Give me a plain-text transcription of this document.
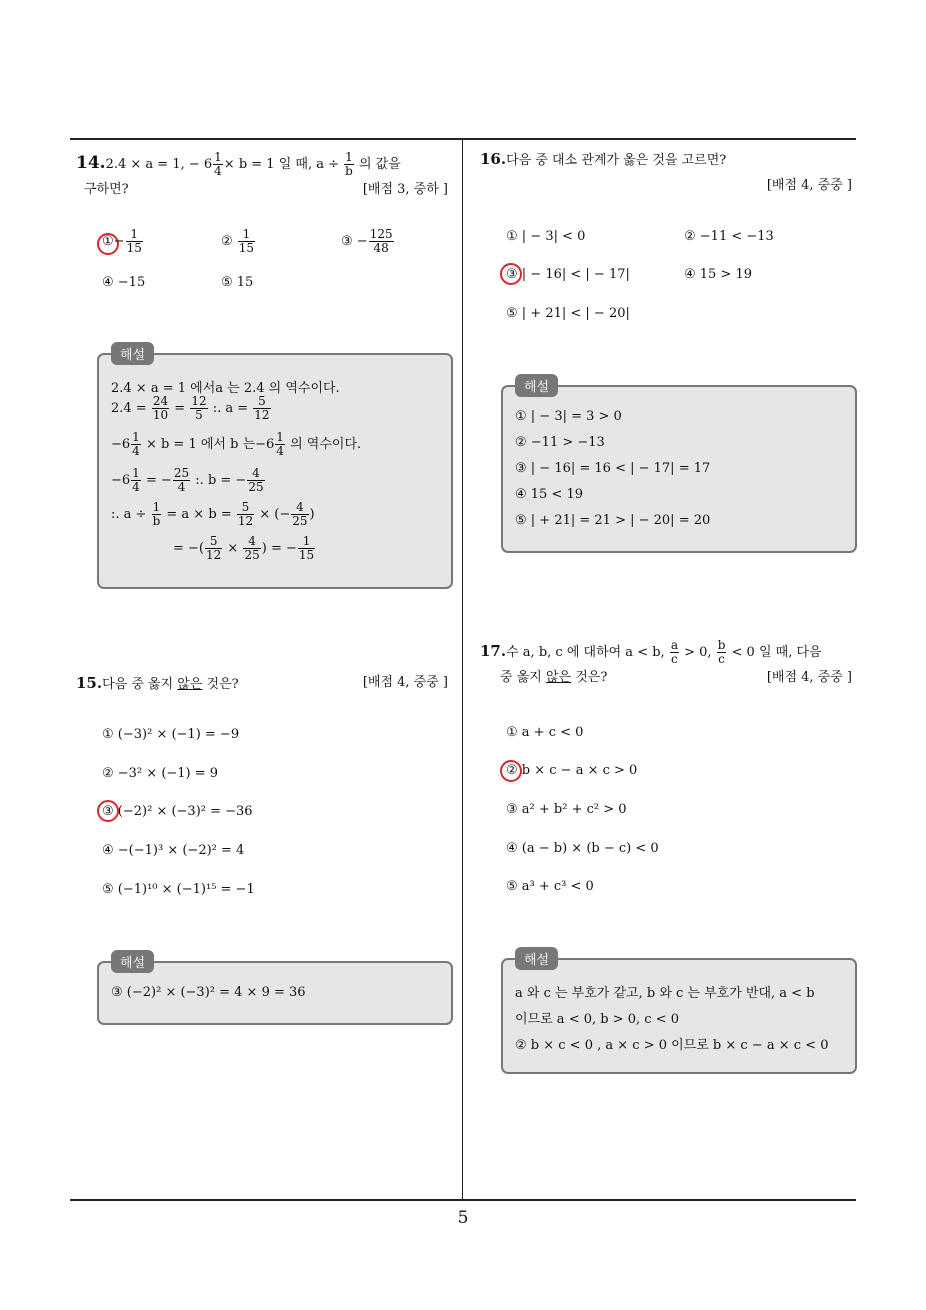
14.2.4 × a = 1, − $6 \frac{1}{4} \times b = 1$ 일 때, $a \div \frac{1}{b}$ 의 값을
구하면?	[배점 3, 중하 ]
①− $\frac{1}{15}$	② $\frac{1}{15}$	③ − $\frac{125}{48}$
④ −15	⑤ 15
해설
2.4 × a = 1 에서a 는 2.4 의 역수이다.
$2.4 = \frac{24}{10} = \frac{12}{5}$ :. $a = \frac{5}{12}$
$-6 \frac{1}{4} \times b = 1$ 에서 b 는$-6 \frac{1}{4}$ 의 역수이다.
$-6 \frac{1}{4}$ = − $\frac{25}{4}$ :. b = − $\frac{4}{25}$
:. $a \div \frac{1}{b} = a \times b = \frac{5}{12}$ × (− $\frac{4}{25}$ )
= −( $\frac{5}{12} \times \frac{4}{25}$ ) = − $\frac{1}{15}$
15.다음 중 옳지 않은 것은?	[배점 4, 중중 ]
① (−3)² × (−1) = −9
② −3² × (−1) = 9
③ (−2)² × (−3)² = −36
④ −(−1)³ × (−2)² = 4
⑤ (−1)¹⁰ × (−1)¹⁵ = −1
해설
③ (−2)² × (−3)² = 4 × 9 = 36
16.다음 중 대소 관계가 옳은 것을 고르면?
[배점 4, 중중 ]
① | − 3| < 0	② −11 < −13
③ | − 16| < | − 17|	④ 15 > 19
⑤ | + 21| < | − 20|
해설
① | − 3| = 3 > 0
② −11 > −13
③ | − 16| = 16 < | − 17| = 17
④ 15 < 19
⑤ | + 21| = 21 > | − 20| = 20
17.수 a, b, c 에 대하여 a < b, $\frac{a}{c} > 0$, $\frac{b}{c} < 0$ 일 때, 다음
중 옳지 않은 것은?	[배점 4, 중중 ]
① a + c < 0
② b × c − a × c > 0
③ a² + b² + c² > 0
④ (a − b) × (b − c) < 0
⑤ a³ + c³ < 0
해설
a 와 c 는 부호가 같고, b 와 c 는 부호가 반대, a < b
이므로 a < 0, b > 0, c < 0
② b × c < 0 , a × c > 0 이므로 b × c − a × c < 0
5
